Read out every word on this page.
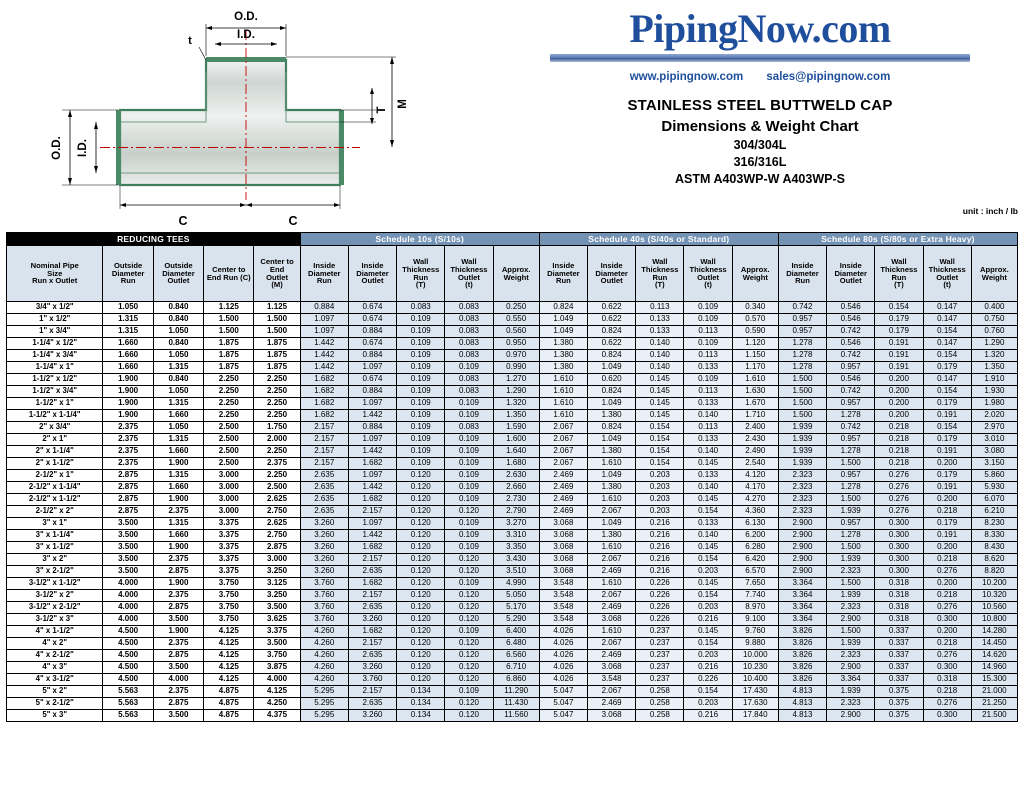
O.D.
I.D.
t
T
M
O.D. I.D.
C	C
PipingNow.com
www.pipingnow.com sales@pipingnow.com
STAINLESS STEEL BUTTWELD CAP
Dimensions & Weight Chart
304/304L
316/316L
ASTM A403WP-W A403WP-S
unit : inch / lb
REDUCING TEES					Schedule 10s (S/10s)					Schedule 40s (S/40s or Standard)					Schedule 80s (S/80s or Extra Heavy)				

Nominal Pipe
Size
Run x Outlet

Outside
Diameter
Run

Outside
Diameter
Outlet

Center to
End Run (C)

Center to
End
Outlet
(M)

Inside
Diameter
Run

Inside
Diameter
Outlet

Wall
Thickness
Run
(T)

Wall
Thickness
Outlet
(t)

Approx.
Weight

Inside
Diameter
Run

Inside
Diameter
Outlet

Wall
Thickness
Run
(T)

Wall
Thickness
Outlet
(t)

Approx.
Weight

Inside
Diameter
Run

Inside
Diameter
Outlet

Wall
Thickness
Run
(T)

Wall
Thickness
Outlet
(t)

Approx.
Weight

3/4" x 1/2"	1.050	0.840	1.125	1.125	0.884	0.674	0.083	0.083	0.250	0.824	0.622	0.113	0.109	0.340	0.742	0.546	0.154	0.147	0.400
1" x 1/2"	1.315	0.840	1.500	1.500	1.097	0.674	0.109	0.083	0.550	1.049	0.622	0.133	0.109	0.570	0.957	0.546	0.179	0.147	0.750
1" x 3/4"	1.315	1.050	1.500	1.500	1.097	0.884	0.109	0.083	0.560	1.049	0.824	0.133	0.113	0.590	0.957	0.742	0.179	0.154	0.760
1-1/4" x 1/2"	1.660	0.840	1.875	1.875	1.442	0.674	0.109	0.083	0.950	1.380	0.622	0.140	0.109	1.120	1.278	0.546	0.191	0.147	1.290
1-1/4" x 3/4"	1.660	1.050	1.875	1.875	1.442	0.884	0.109	0.083	0.970	1.380	0.824	0.140	0.113	1.150	1.278	0.742	0.191	0.154	1.320
1-1/4" x 1"	1.660	1.315	1.875	1.875	1.442	1.097	0.109	0.109	0.990	1.380	1.049	0.140	0.133	1.170	1.278	0.957	0.191	0.179	1.350
1-1/2" x 1/2"	1.900	0.840	2.250	2.250	1.682	0.674	0.109	0.083	1.270	1.610	0.620	0.145	0.109	1.610	1.500	0.546	0.200	0.147	1.910
1-1/2" x 3/4"	1.900	1.050	2.250	2.250	1.682	0.884	0.109	0.083	1.290	1.610	0.824	0.145	0.113	1.630	1.500	0.742	0.200	0.154	1.930
1-1/2" x 1"	1.900	1.315	2.250	2.250	1.682	1.097	0.109	0.109	1.320	1.610	1.049	0.145	0.133	1.670	1.500	0.957	0.200	0.179	1.980
1-1/2" x 1-1/4"	1.900	1.660	2.250	2.250	1.682	1.442	0.109	0.109	1.350	1.610	1.380	0.145	0.140	1.710	1.500	1.278	0.200	0.191	2.020
2" x 3/4"	2.375	1.050	2.500	1.750	2.157	0.884	0.109	0.083	1.590	2.067	0.824	0.154	0.113	2.400	1.939	0.742	0.218	0.154	2.970
2" x 1"	2.375	1.315	2.500	2.000	2.157	1.097	0.109	0.109	1.600	2.067	1.049	0.154	0.133	2.430	1.939	0.957	0.218	0.179	3.010
2" x 1-1/4"	2.375	1.660	2.500	2.250	2.157	1.442	0.109	0.109	1.640	2.067	1.380	0.154	0.140	2.490	1.939	1.278	0.218	0.191	3.080
2" x 1-1/2"	2.375	1.900	2.500	2.375	2.157	1.682	0.109	0.109	1.680	2.067	1.610	0.154	0.145	2.540	1.939	1.500	0.218	0.200	3.150
2-1/2" x 1"	2.875	1.315	3.000	2.250	2.635	1.097	0.120	0.109	2.630	2.469	1.049	0.203	0.133	4.120	2.323	0.957	0.276	0.179	5.860
2-1/2" x 1-1/4"	2.875	1.660	3.000	2.500	2.635	1.442	0.120	0.109	2.660	2.469	1.380	0.203	0.140	4.170	2.323	1.278	0.276	0.191	5.930
2-1/2" x 1-1/2"	2.875	1.900	3.000	2.625	2.635	1.682	0.120	0.109	2.730	2.469	1.610	0.203	0.145	4.270	2.323	1.500	0.276	0.200	6.070
2-1/2" x 2"	2.875	2.375	3.000	2.750	2.635	2.157	0.120	0.120	2.790	2.469	2.067	0.203	0.154	4.360	2.323	1.939	0.276	0.218	6.210
3" x 1"	3.500	1.315	3.375	2.625	3.260	1.097	0.120	0.109	3.270	3.068	1.049	0.216	0.133	6.130	2.900	0.957	0.300	0.179	8.230
3" x 1-1/4"	3.500	1.660	3.375	2.750	3.260	1.442	0.120	0.109	3.310	3.068	1.380	0.216	0.140	6.200	2.900	1.278	0.300	0.191	8.330
3" x 1-1/2"	3.500	1.900	3.375	2.875	3.260	1.682	0.120	0.109	3.350	3.068	1.610	0.216	0.145	6.280	2.900	1.500	0.300	0.200	8.430
3" x 2"	3.500	2.375	3.375	3.000	3.260	2.157	0.120	0.120	3.430	3.068	2.067	0.216	0.154	6.420	2.900	1.939	0.300	0.218	8.620
3" x 2-1/2"	3.500	2.875	3.375	3.250	3.260	2.635	0.120	0.120	3.510	3.068	2.469	0.216	0.203	6.570	2.900	2.323	0.300	0.276	8.820
3-1/2" x 1-1/2"	4.000	1.900	3.750	3.125	3.760	1.682	0.120	0.109	4.990	3.548	1.610	0.226	0.145	7.650	3.364	1.500	0.318	0.200	10.200
3-1/2" x 2"	4.000	2.375	3.750	3.250	3.760	2.157	0.120	0.120	5.050	3.548	2.067	0.226	0.154	7.740	3.364	1.939	0.318	0.218	10.320
3-1/2" x 2-1/2"	4.000	2.875	3.750	3.500	3.760	2.635	0.120	0.120	5.170	3.548	2.469	0.226	0.203	8.970	3.364	2.323	0.318	0.276	10.560
3-1/2" x 3"	4.000	3.500	3.750	3.625	3.760	3.260	0.120	0.120	5.290	3.548	3.068	0.226	0.216	9.100	3.364	2.900	0.318	0.300	10.800
4" x 1-1/2"	4.500	1.900	4.125	3.375	4.260	1.682	0.120	0.109	6.400	4.026	1.610	0.237	0.145	9.760	3.826	1.500	0.337	0.200	14.280
4" x 2"	4.500	2.375	4.125	3.500	4.260	2.157	0.120	0.120	6.480	4.026	2.067	0.237	0.154	9.880	3.826	1.939	0.337	0.218	14.450
4" x 2-1/2"	4.500	2.875	4.125	3.750	4.260	2.635	0.120	0.120	6.560	4.026	2.469	0.237	0.203	10.000	3.826	2.323	0.337	0.276	14.620
4" x 3"	4.500	3.500	4.125	3.875	4.260	3.260	0.120	0.120	6.710	4.026	3.068	0.237	0.216	10.230	3.826	2.900	0.337	0.300	14.960
4" x 3-1/2"	4.500	4.000	4.125	4.000	4.260	3.760	0.120	0.120	6.860	4.026	3.548	0.237	0.226	10.400	3.826	3.364	0.337	0.318	15.300
5" x 2"	5.563	2.375	4.875	4.125	5.295	2.157	0.134	0.109	11.290	5.047	2.067	0.258	0.154	17.430	4.813	1.939	0.375	0.218	21.000
5" x 2-1/2"	5.563	2.875	4.875	4.250	5.295	2.635	0.134	0.120	11.430	5.047	2.469	0.258	0.203	17.630	4.813	2.323	0.375	0.276	21.250
5" x 3"	5.563	3.500	4.875	4.375	5.295	3.260	0.134	0.120	11.560	5.047	3.068	0.258	0.216	17.840	4.813	2.900	0.375	0.300	21.500
